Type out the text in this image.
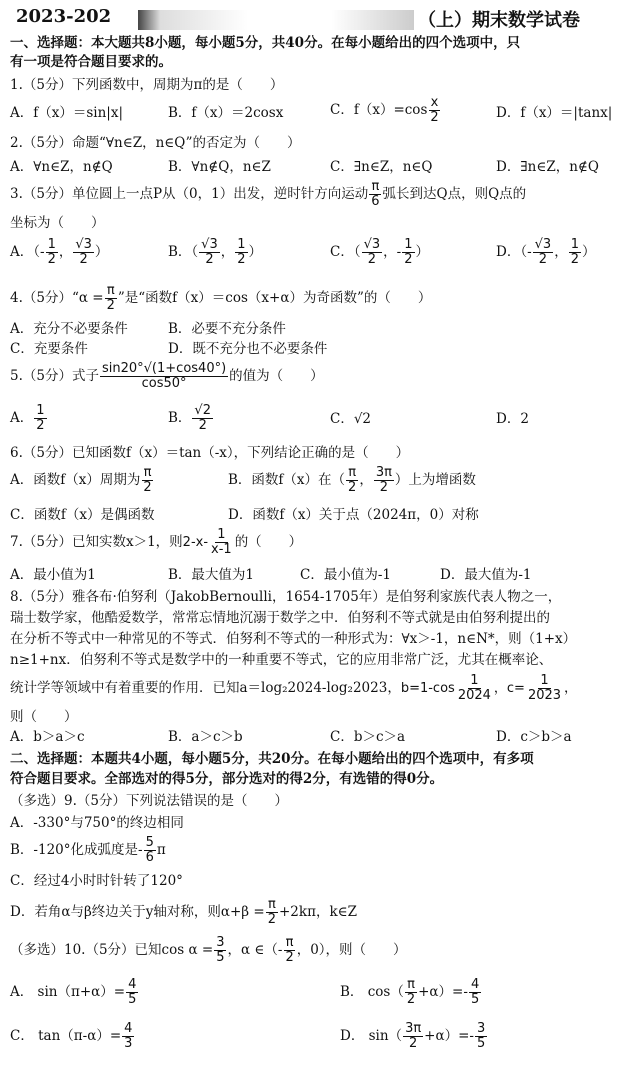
2023-202	（上）期末数学试卷
一、选择题：本大题共8小题，每小题5分，共40分。在每小题给出的四个选项中，只
有一项是符合题目要求的。
1.（5分）下列函数中，周期为π的是（　　）
A．f（x）＝sin|x|	B．f（x）＝2cosx	C．$f(x)=\cos \frac{x}{2}$	D．f（x）＝|tanx|
2.（5分）命题“∀n∈Z，n∈Q”的否定为（　　）
A．∀n∈Z，n∉Q	B．∀n∉Q，n∈Z	C．∃n∈Z，n∈Q	D．∃n∈Z，n∉Q
3.（5分）单位圆上一点P从（0，1）出发，逆时针方向运动 $\frac{\pi}{6}$ 弧长到达Q点，则Q点的
坐标为（　　）
A．（- $\frac{1}{2}$ ， $\frac{√3}{2}$ ）	B．（ $\frac{√3}{2}$ ， $\frac{1}{2}$ ）	C．（ $\frac{√3}{2}$ ，- $\frac{1}{2}$ ）	D．（- $\frac{√3}{2}$ ， $\frac{1}{2}$ ）
4.（5分）“α = $\frac{\pi}{2}$ ”是“函数f（x）＝cos（x+α）为奇函数”的（　　）
A．充分不必要条件	B．必要不充分条件
C．充要条件	D．既不充分也不必要条件
5.（5分）式子 $\frac{\sin 20^\circ√(1+\cos 40^\circ)}{\cos 50^\circ}$ 的值为（　　）
A． $\frac{1}{2}$	B． $\frac{√2}{2}$	C．√2	D．2
6.（5分）已知函数f（x）＝tan（-x），下列结论正确的是（　　）
A．函数f（x）周期为 $\frac{\pi}{2}$	B．函数f（x）在（ $\frac{\pi}{2}$ ， $\frac{3\pi}{2}$ ）上为增函数
C．函数f（x）是偶函数	D．函数f（x）关于点（2024π，0）对称
7.（5分）已知实数x＞1，则$2-x- \frac{1}{x-1}$ 的（　　）
A．最小值为1	B．最大值为1	C．最小值为-1	D．最大值为-1
8.（5分）雅各布·伯努利（JakobBernoulli，1654-1705年）是伯努利家族代表人物之一，
瑞士数学家，他酷爱数学，常常忘情地沉溺于数学之中．伯努利不等式就是由伯努利提出的
在分析不等式中一种常见的不等式．伯努利不等式的一种形式为：∀x＞-1，n∈N*，则（1+x）
n≥1+nx．伯努利不等式是数学中的一种重要不等式，它的应用非常广泛，尤其在概率论、
统计学等领域中有着重要的作用．已知a＝log₂2024-log₂2023，$b=1-\cos \frac{1}{2024}$ ，$c= \frac{1}{2023}$ ，
则（　　）
A．b＞a＞c	B．a＞c＞b	C．b＞c＞a	D．c＞b＞a
二、选择题：本题共4小题，每小题5分，共20分。在每小题给出的四个选项中，有多项
符合题目要求。全部选对的得5分，部分选对的得2分，有选错的得0分。
（多选）9.（5分）下列说法错误的是（　　）
A．-330°与750°的终边相同
B．-120°化成弧度是- $\frac{5}{6}$ π
C．经过4小时时针转了120°
D．若角α与β终边关于y轴对称，则$\alpha+\beta = \frac{\pi}{2} +2k\pi$，k∈Z
（多选）10.（5分）已知$\cos \alpha = \frac{3}{5}$ ，α ∈（- $\frac{\pi}{2}$ ，0），则（　　）
A． $\sin(\pi+\alpha)= \frac{4}{5}$	B． $\cos( \frac{\pi}{2} +\alpha)=- \frac{4}{5}$
C． $\tan(\pi-\alpha)= \frac{4}{3}$	D． $\sin( \frac{3\pi}{2} +\alpha)=- \frac{3}{5}$
